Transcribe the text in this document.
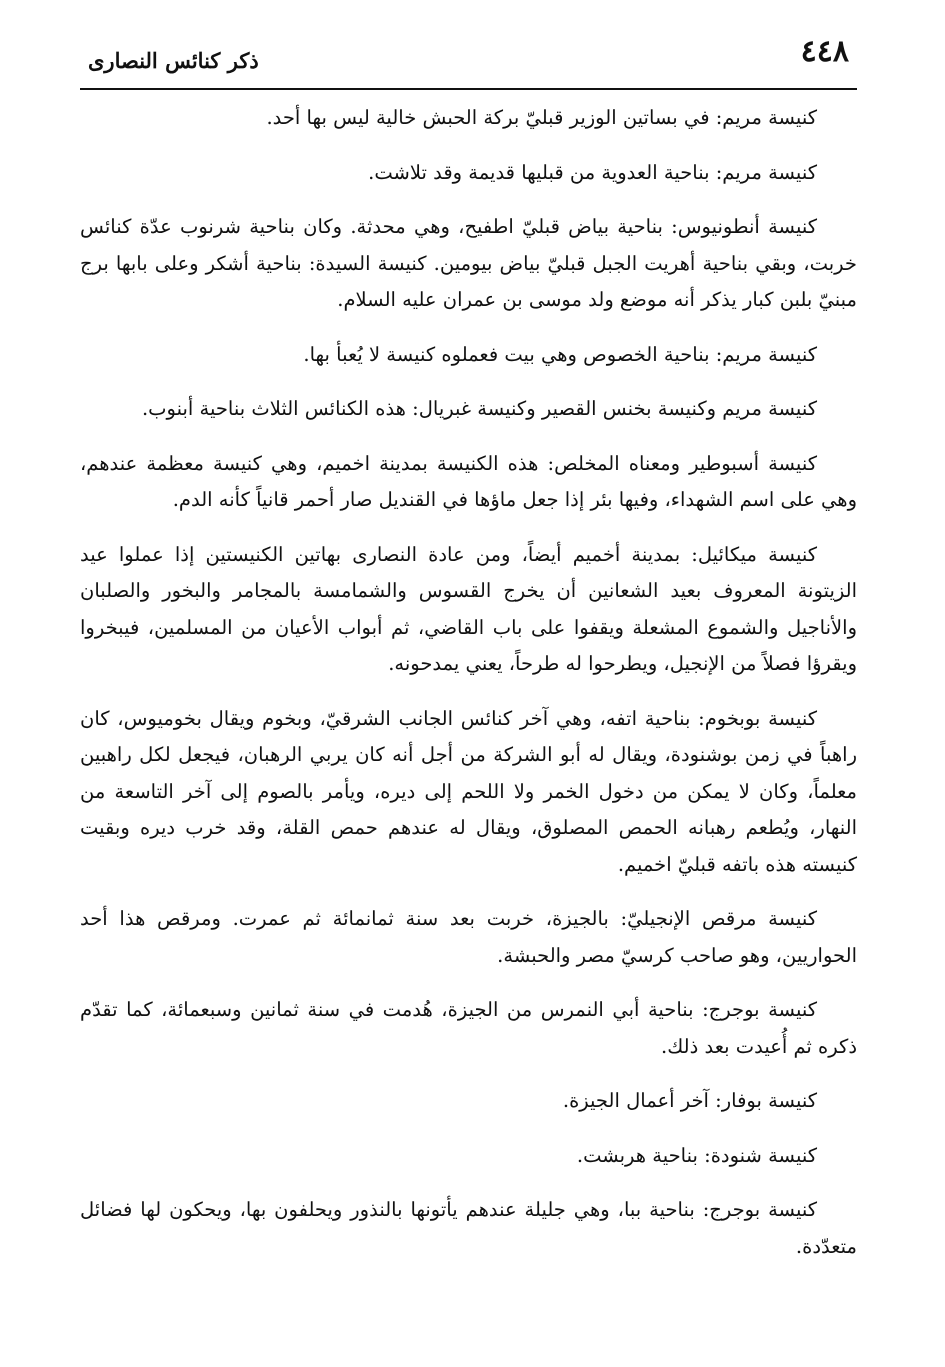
٤٤٨
ذكر كنائس النصارى

كنيسة مريم: في بساتين الوزير قبليّ بركة الحبش خالية ليس بها أحد.

كنيسة مريم: بناحية العدوية من قبليها قديمة وقد تلاشت.

كنيسة أنطونيوس: بناحية بياض قبليّ اطفيح، وهي محدثة. وكان بناحية شرنوب عدّة كنائس خربت، وبقي بناحية أهريت الجبل قبليّ بياض بيومين. كنيسة السيدة: بناحية أشكر وعلى بابها برج مبنيّ بلبن كبار يذكر أنه موضع ولد موسى بن عمران عليه السلام.

كنيسة مريم: بناحية الخصوص وهي بيت فعملوه كنيسة لا يُعبأ بها.

كنيسة مريم وكنيسة بخنس القصير وكنيسة غبريال: هذه الكنائس الثلاث بناحية أبنوب.

كنيسة أسبوطير ومعناه المخلص: هذه الكنيسة بمدينة اخميم، وهي كنيسة معظمة عندهم، وهي على اسم الشهداء، وفيها بئر إذا جعل ماؤها في القنديل صار أحمر قانياً كأنه الدم.

كنيسة ميكائيل: بمدينة أخميم أيضاً، ومن عادة النصارى بهاتين الكنيستين إذا عملوا عيد الزيتونة المعروف بعيد الشعانين أن يخرج القسوس والشمامسة بالمجامر والبخور والصلبان والأناجيل والشموع المشعلة ويقفوا على باب القاضي، ثم أبواب الأعيان من المسلمين، فيبخروا ويقرؤا فصلاً من الإنجيل، ويطرحوا له طرحاً، يعني يمدحونه.

كنيسة بوبخوم: بناحية اتفه، وهي آخر كنائس الجانب الشرقيّ، وبخوم ويقال بخوميوس، كان راهباً في زمن بوشنودة، ويقال له أبو الشركة من أجل أنه كان يربي الرهبان، فيجعل لكل راهبين معلماً، وكان لا يمكن من دخول الخمر ولا اللحم إلى ديره، ويأمر بالصوم إلى آخر التاسعة من النهار، ويُطعم رهبانه الحمص المصلوق، ويقال له عندهم حمص القلة، وقد خرب ديره وبقيت كنيسته هذه باتفه قبليّ اخميم.

كنيسة مرقص الإنجيليّ: بالجيزة، خربت بعد سنة ثمانمائة ثم عمرت. ومرقص هذا أحد الحواريين، وهو صاحب كرسيّ مصر والحبشة.

كنيسة بوجرج: بناحية أبي النمرس من الجيزة، هُدمت في سنة ثمانين وسبعمائة، كما تقدّم ذكره ثم أُعيدت بعد ذلك.

كنيسة بوفار: آخر أعمال الجيزة.

كنيسة شنودة: بناحية هربشت.

كنيسة بوجرج: بناحية ببا، وهي جليلة عندهم يأتونها بالنذور ويحلفون بها، ويحكون لها فضائل متعدّدة.
